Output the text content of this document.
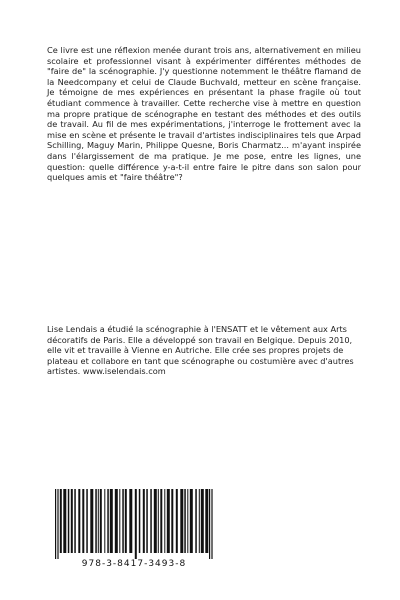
Ce livre est une réflexion menée durant trois ans, alternativement en milieu scolaire et professionnel visant à expérimenter différentes méthodes de "faire de" la scénographie. J'y questionne notemment le théâtre flamand de la Needcompany et celui de Claude Buchvald, metteur en scène française. Je témoigne de mes expériences en présentant la phase fragile où tout étudiant commence à travailler. Cette recherche vise à mettre en question ma propre pratique de scénographe en testant des méthodes et des outils de travail. Au fil de mes expérimentations, j'interroge le frottement avec la mise en scène et présente le travail d'artistes indisciplinaires tels que Arpad Schilling, Maguy Marin, Philippe Quesne, Boris Charmatz... m'ayant inspirée dans l'élargissement de ma pratique. Je me pose, entre les lignes, une question: quelle différence y-a-t-il entre faire le pitre dans son salon pour quelques amis et "faire théâtre"?

Lise Lendais a étudié la scénographie à l'ENSATT et le vêtement aux Arts décoratifs de Paris. Elle a développé son travail en Belgique. Depuis 2010, elle vit et travaille à Vienne en Autriche. Elle crée ses propres projets de plateau et collabore en tant que scénographe ou costumière avec d'autres artistes. www.iselendais.com

978-3-8417-3493-8
